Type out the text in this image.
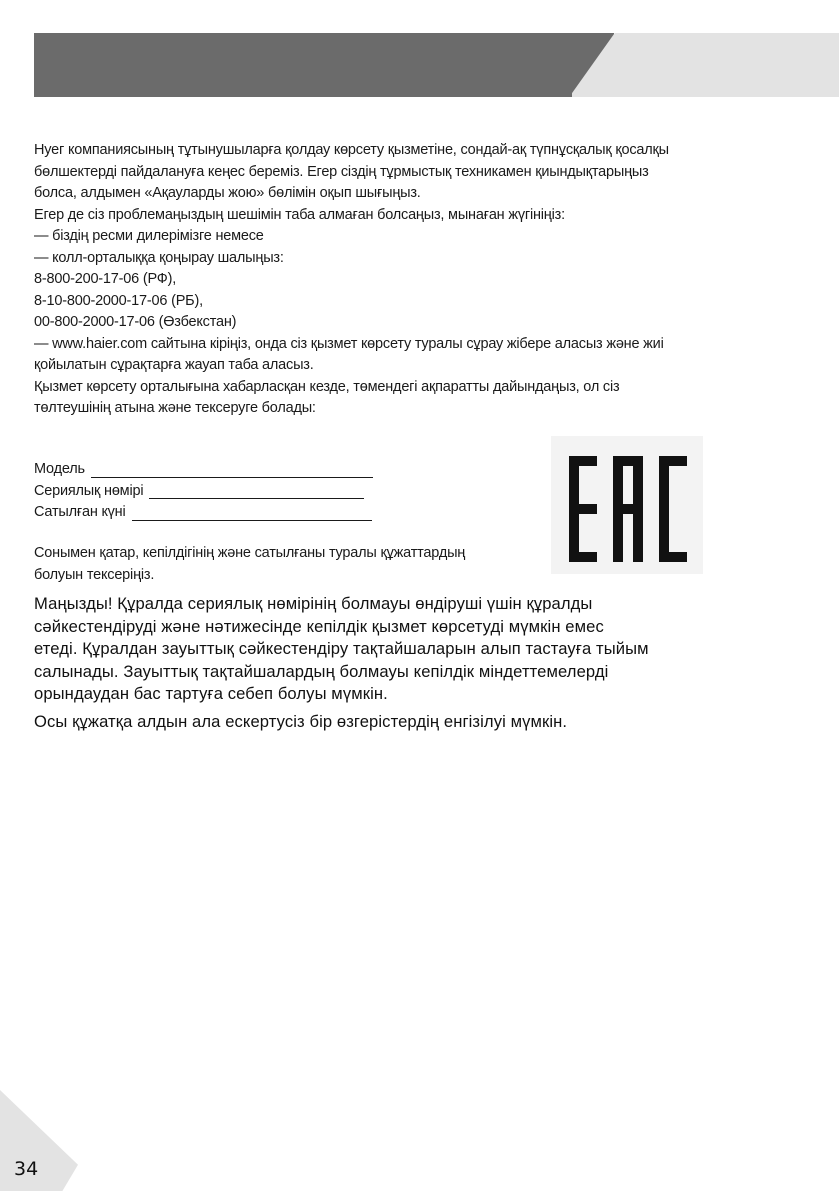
Нуег компаниясының тұтынушыларға қолдау көрсету қызметіне, сондай-ақ түпнұсқалық қосалқы
бөлшектерді пайдалануға кеңес береміз. Егер сіздің тұрмыстық техникамен қиындықтарыңыз
болса, алдымен «Ақауларды жою» бөлімін оқып шығыңыз.
Егер де сіз проблемаңыздың шешімін таба алмаған болсаңыз, мынаған жүгініңіз:
— біздің ресми дилерімізге немесе
— колл-орталыққа қоңырау шалыңыз:
8-800-200-17-06 (РФ),
8-10-800-2000-17-06 (РБ),
00-800-2000-17-06 (Өзбекстан)
— www.haier.com сайтына кіріңіз, онда сіз қызмет көрсету туралы сұрау жібере аласыз және жиі
қойылатын сұрақтарға жауап таба аласыз.
Қызмет көрсету орталығына хабарласқан кезде, төмендегі ақпаратты дайындаңыз, ол сіз
төлтеушінің атына және тексеруге болады:
Модель
Сериялық нөмірі
Сатылған күні
Сонымен қатар, кепілдігінің және сатылғаны туралы құжаттардың
болуын тексеріңіз.
Маңызды! Құралда сериялық нөмірінің болмауы өндіруші үшін құралды
сәйкестендіруді және нәтижесінде кепілдік қызмет көрсетуді мүмкін емес
етеді. Құралдан зауыттық сәйкестендіру тақтайшаларын алып тастауға тыйым
салынады. Зауыттық тақтайшалардың болмауы кепілдік міндеттемелерді
орындаудан бас тартуға себеп болуы мүмкін.
Осы құжатқа алдын ала ескертусіз бір өзгерістердің енгізілуі мүмкін.
34
